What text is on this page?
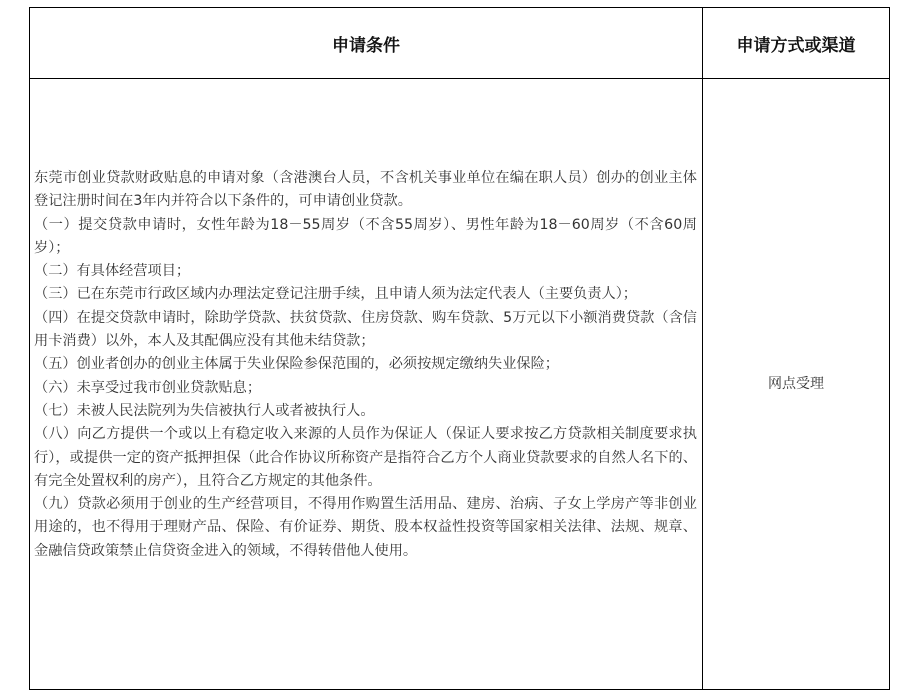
申请条件	申请方式或渠道

东莞市创业贷款财政贴息的申请对象（含港澳台人员，不含机关事业单位在编在职人员）创办的创业主体登记注册时间在3年内并符合以下条件的，可申请创业贷款。

（一）提交贷款申请时，女性年龄为18－55周岁（不含55周岁）、男性年龄为18－60周岁（不含60周岁）；

（二）有具体经营项目；

（三）已在东莞市行政区域内办理法定登记注册手续，且申请人须为法定代表人（主要负责人）；

（四）在提交贷款申请时，除助学贷款、扶贫贷款、住房贷款、购车贷款、5万元以下小额消费贷款（含信用卡消费）以外，本人及其配偶应没有其他未结贷款；

（五）创业者创办的创业主体属于失业保险参保范围的，必须按规定缴纳失业保险；

（六）未享受过我市创业贷款贴息；

（七）未被人民法院列为失信被执行人或者被执行人。

（八）向乙方提供一个或以上有稳定收入来源的人员作为保证人（保证人要求按乙方贷款相关制度要求执行），或提供一定的资产抵押担保（此合作协议所称资产是指符合乙方个人商业贷款要求的自然人名下的、有完全处置权利的房产），且符合乙方规定的其他条件。

（九）贷款必须用于创业的生产经营项目，不得用作购置生活用品、建房、治病、子女上学房产等非创业用途的，也不得用于理财产品、保险、有价证券、期货、股本权益性投资等国家相关法律、法规、规章、金融信贷政策禁止信贷资金进入的领域，不得转借他人使用。

网点受理
